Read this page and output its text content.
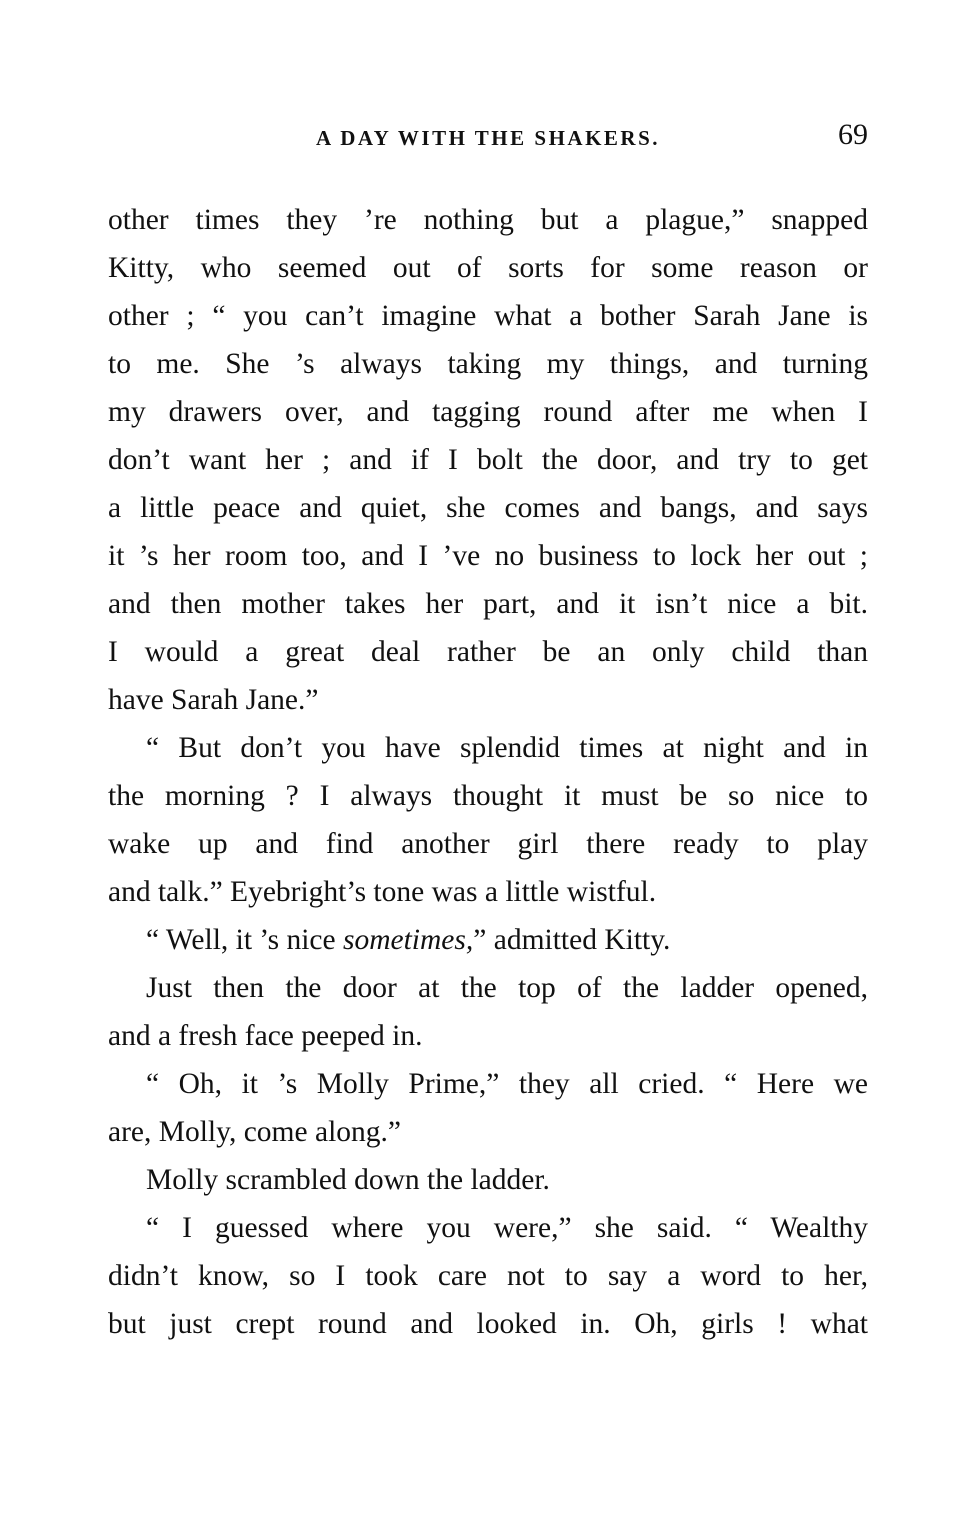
A DAY WITH THE SHAKERS.	69
other times they ’re nothing but a plague,” snapped
Kitty, who seemed out of sorts for some reason or
other ; “ you can’t imagine what a bother Sarah Jane is
to me. She ’s always taking my things, and turning
my drawers over, and tagging round after me when I
don’t want her ; and if I bolt the door, and try to get
a little peace and quiet, she comes and bangs, and says
it ’s her room too, and I ’ve no business to lock her out ;
and then mother takes her part, and it isn’t nice a bit.
I would a great deal rather be an only child than
have Sarah Jane.”
“ But don’t you have splendid times at night and in
the morning ? I always thought it must be so nice to
wake up and find another girl there ready to play
and talk.” Eyebright’s tone was a little wistful.
“ Well, it ’s nice sometimes,” admitted Kitty.
Just then the door at the top of the ladder opened,
and a fresh face peeped in.
“ Oh, it ’s Molly Prime,” they all cried. “ Here we
are, Molly, come along.”
Molly scrambled down the ladder.
“ I guessed where you were,” she said. “ Wealthy
didn’t know, so I took care not to say a word to her,
but just crept round and looked in. Oh, girls ! what
